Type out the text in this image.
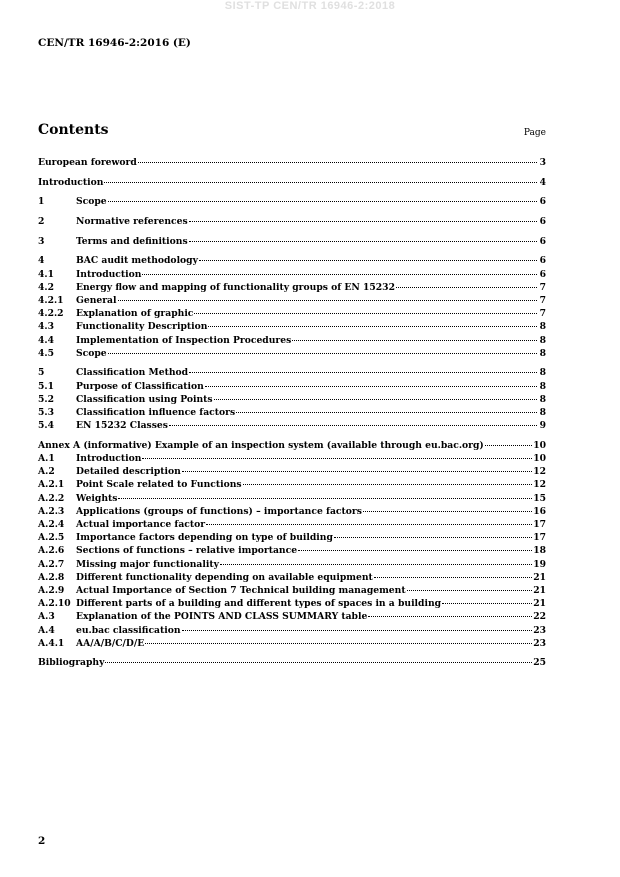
SIST-TP CEN/TR 16946-2:2018
CEN/TR 16946-2:2016 (E)
Contents	Page
European foreword	3
Introduction	4
1	Scope	6
2	Normative references	6
3	Terms and definitions	6
4	BAC audit methodology	6
4.1	Introduction	6
4.2	Energy flow and mapping of functionality groups of EN 15232	7
4.2.1	General	7
4.2.2	Explanation of graphic	7
4.3	Functionality Description	8
4.4	Implementation of Inspection Procedures	8
4.5	Scope	8
5	Classification Method	8
5.1	Purpose of Classification	8
5.2	Classification using Points	8
5.3	Classification influence factors	8
5.4	EN 15232 Classes	9
Annex A (informative) Example of an inspection system (available through eu.bac.org)	10
A.1	Introduction	10
A.2	Detailed description	12
A.2.1	Point Scale related to Functions	12
A.2.2	Weights	15
A.2.3	Applications (groups of functions) – importance factors	16
A.2.4	Actual importance factor	17
A.2.5	Importance factors depending on type of building	17
A.2.6	Sections of functions – relative importance	18
A.2.7	Missing major functionality	19
A.2.8	Different functionality depending on available equipment	21
A.2.9	Actual Importance of Section 7 Technical building management	21
A.2.10 Different parts of a building and different types of spaces in a building	21
A.3	Explanation of the POINTS AND CLASS SUMMARY table	22
A.4	eu.bac classification	23
A.4.1	AA/A/B/C/D/E	23
Bibliography	25
2
